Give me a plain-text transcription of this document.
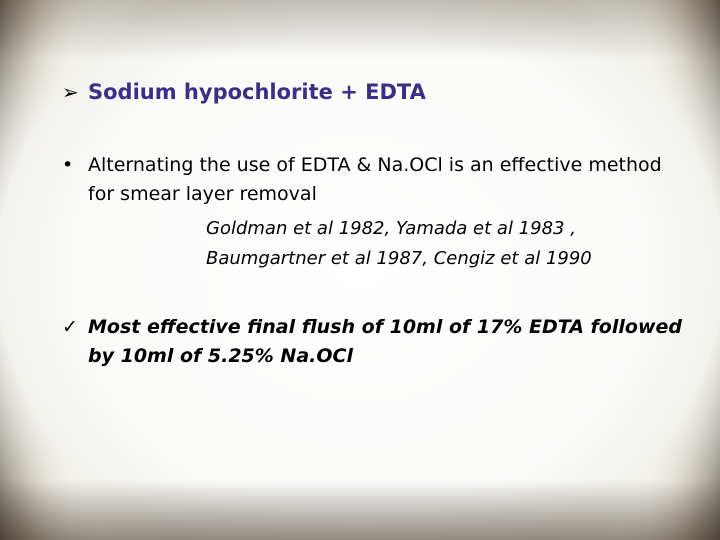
➢ Sodium hypochlorite + EDTA
• Alternating the use of EDTA & Na.OCl is an effective method for smear layer removal
Goldman et al 1982, Yamada et al 1983 ,
Baumgartner et al 1987, Cengiz et al 1990
✓ Most effective final flush of 10ml of 17% EDTA followed by 10ml of 5.25% Na.OCl
